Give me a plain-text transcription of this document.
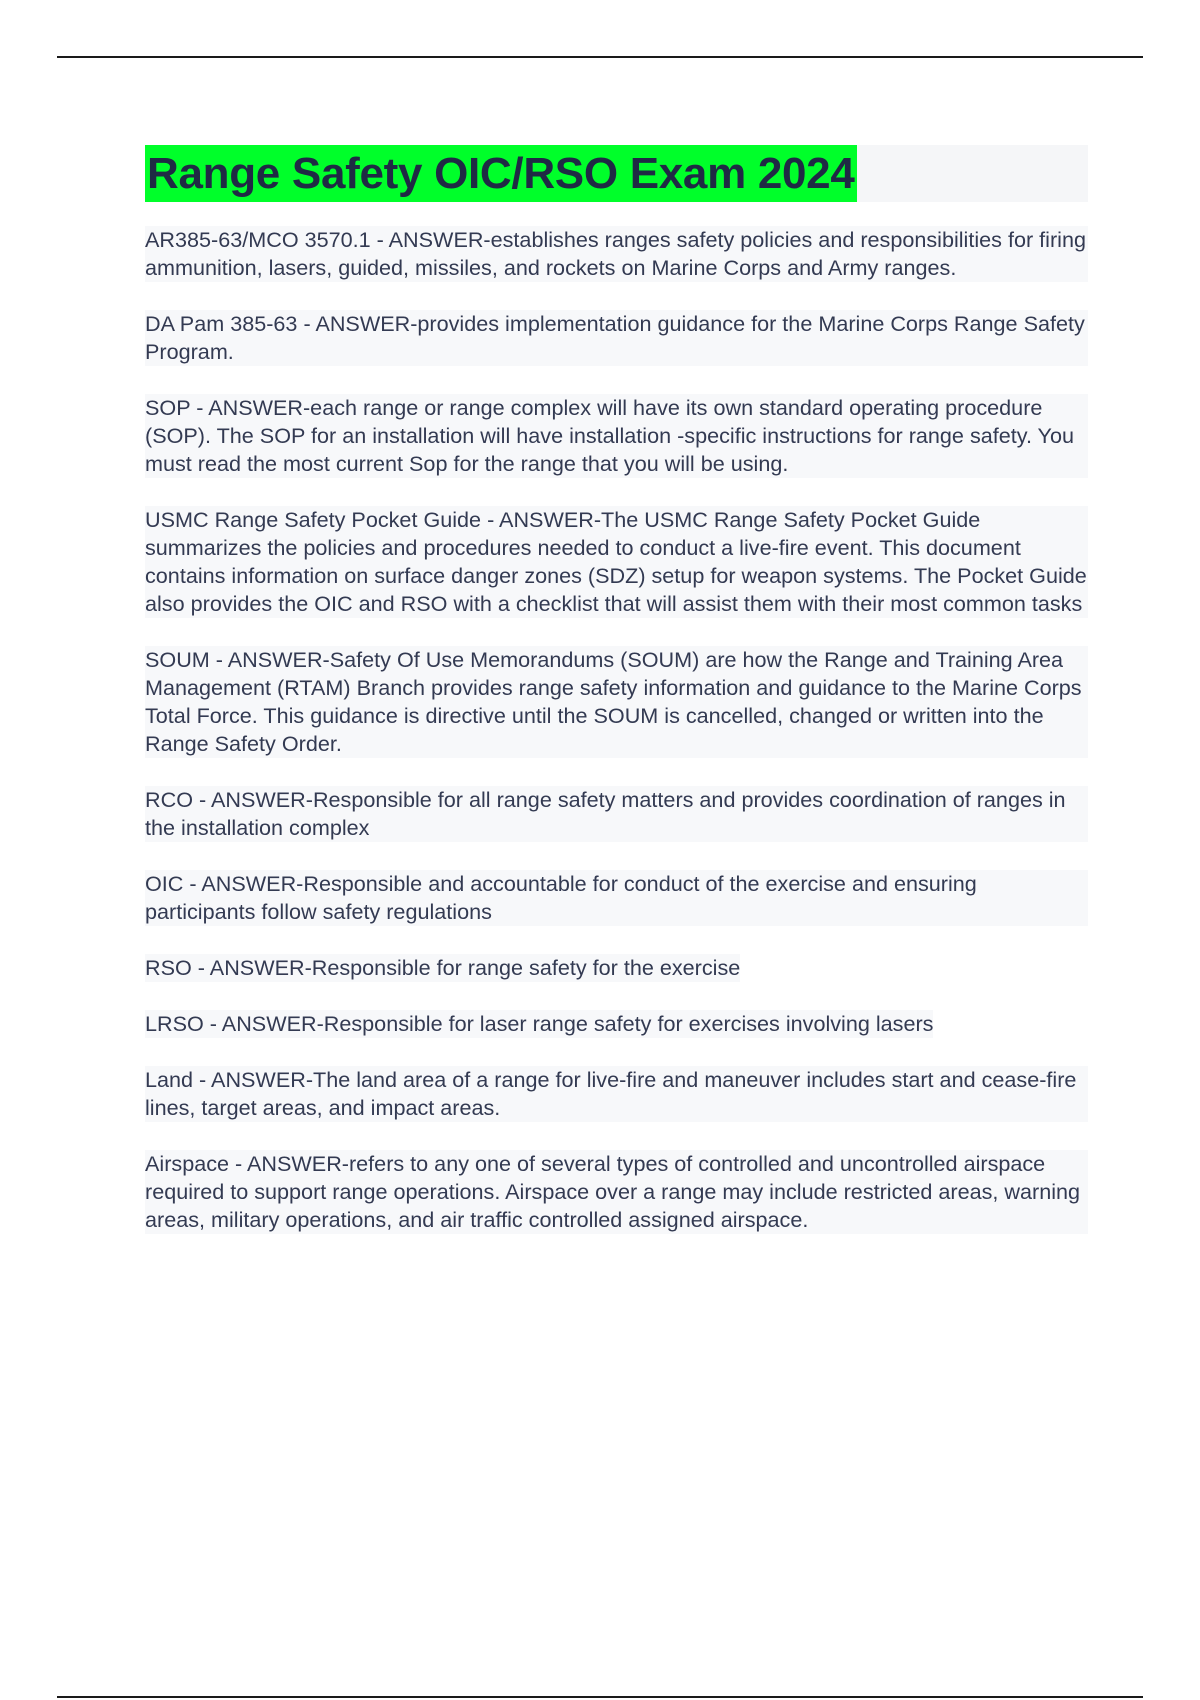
Range Safety OIC/RSO Exam 2024
AR385-63/MCO 3570.1 - ANSWER-establishes ranges safety policies and responsibilities for firing ammunition, lasers, guided, missiles, and rockets on Marine Corps and Army ranges.
DA Pam 385-63 - ANSWER-provides implementation guidance for the Marine Corps Range Safety Program.
SOP - ANSWER-each range or range complex will have its own standard operating procedure (SOP). The SOP for an installation will have installation -specific instructions for range safety. You must read the most current Sop for the range that you will be using.
USMC Range Safety Pocket Guide - ANSWER-The USMC Range Safety Pocket Guide summarizes the policies and procedures needed to conduct a live-fire event. This document contains information on surface danger zones (SDZ) setup for weapon systems. The Pocket Guide also provides the OIC and RSO with a checklist that will assist them with their most common tasks
SOUM - ANSWER-Safety Of Use Memorandums (SOUM) are how the Range and Training Area Management (RTAM) Branch provides range safety information and guidance to the Marine Corps Total Force. This guidance is directive until the SOUM is cancelled, changed or written into the Range Safety Order.
RCO - ANSWER-Responsible for all range safety matters and provides coordination of ranges in the installation complex
OIC - ANSWER-Responsible and accountable for conduct of the exercise and ensuring participants follow safety regulations
RSO - ANSWER-Responsible for range safety for the exercise
LRSO - ANSWER-Responsible for laser range safety for exercises involving lasers
Land - ANSWER-The land area of a range for live-fire and maneuver includes start and cease-fire lines, target areas, and impact areas.
Airspace - ANSWER-refers to any one of several types of controlled and uncontrolled airspace required to support range operations. Airspace over a range may include restricted areas, warning areas, military operations, and air traffic controlled assigned airspace.
